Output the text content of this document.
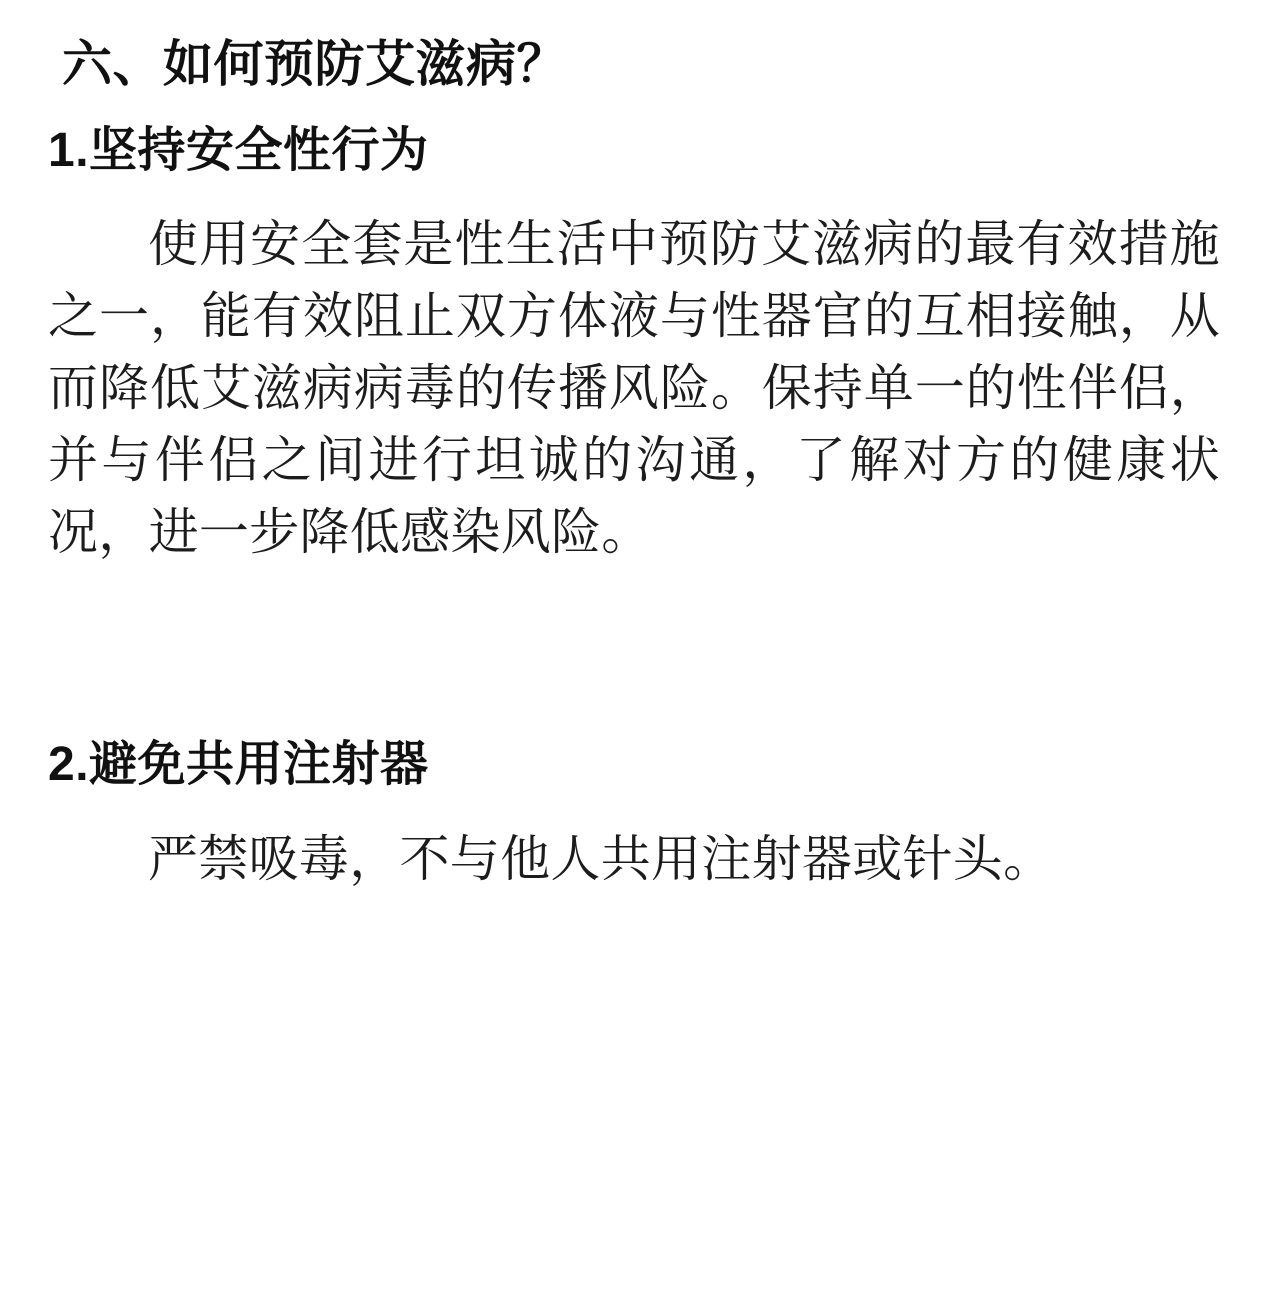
六、如何预防艾滋病？
1.坚持安全性行为

使用安全套是性生活中预防艾滋病的最有效措施之一，能有效阻止双方体液与性器官的互相接触，从而降低艾滋病病毒的传播风险。保持单一的性伴侣，并与伴侣之间进行坦诚的沟通，了解对方的健康状况，进一步降低感染风险。

2.避免共用注射器

严禁吸毒，不与他人共用注射器或针头。
